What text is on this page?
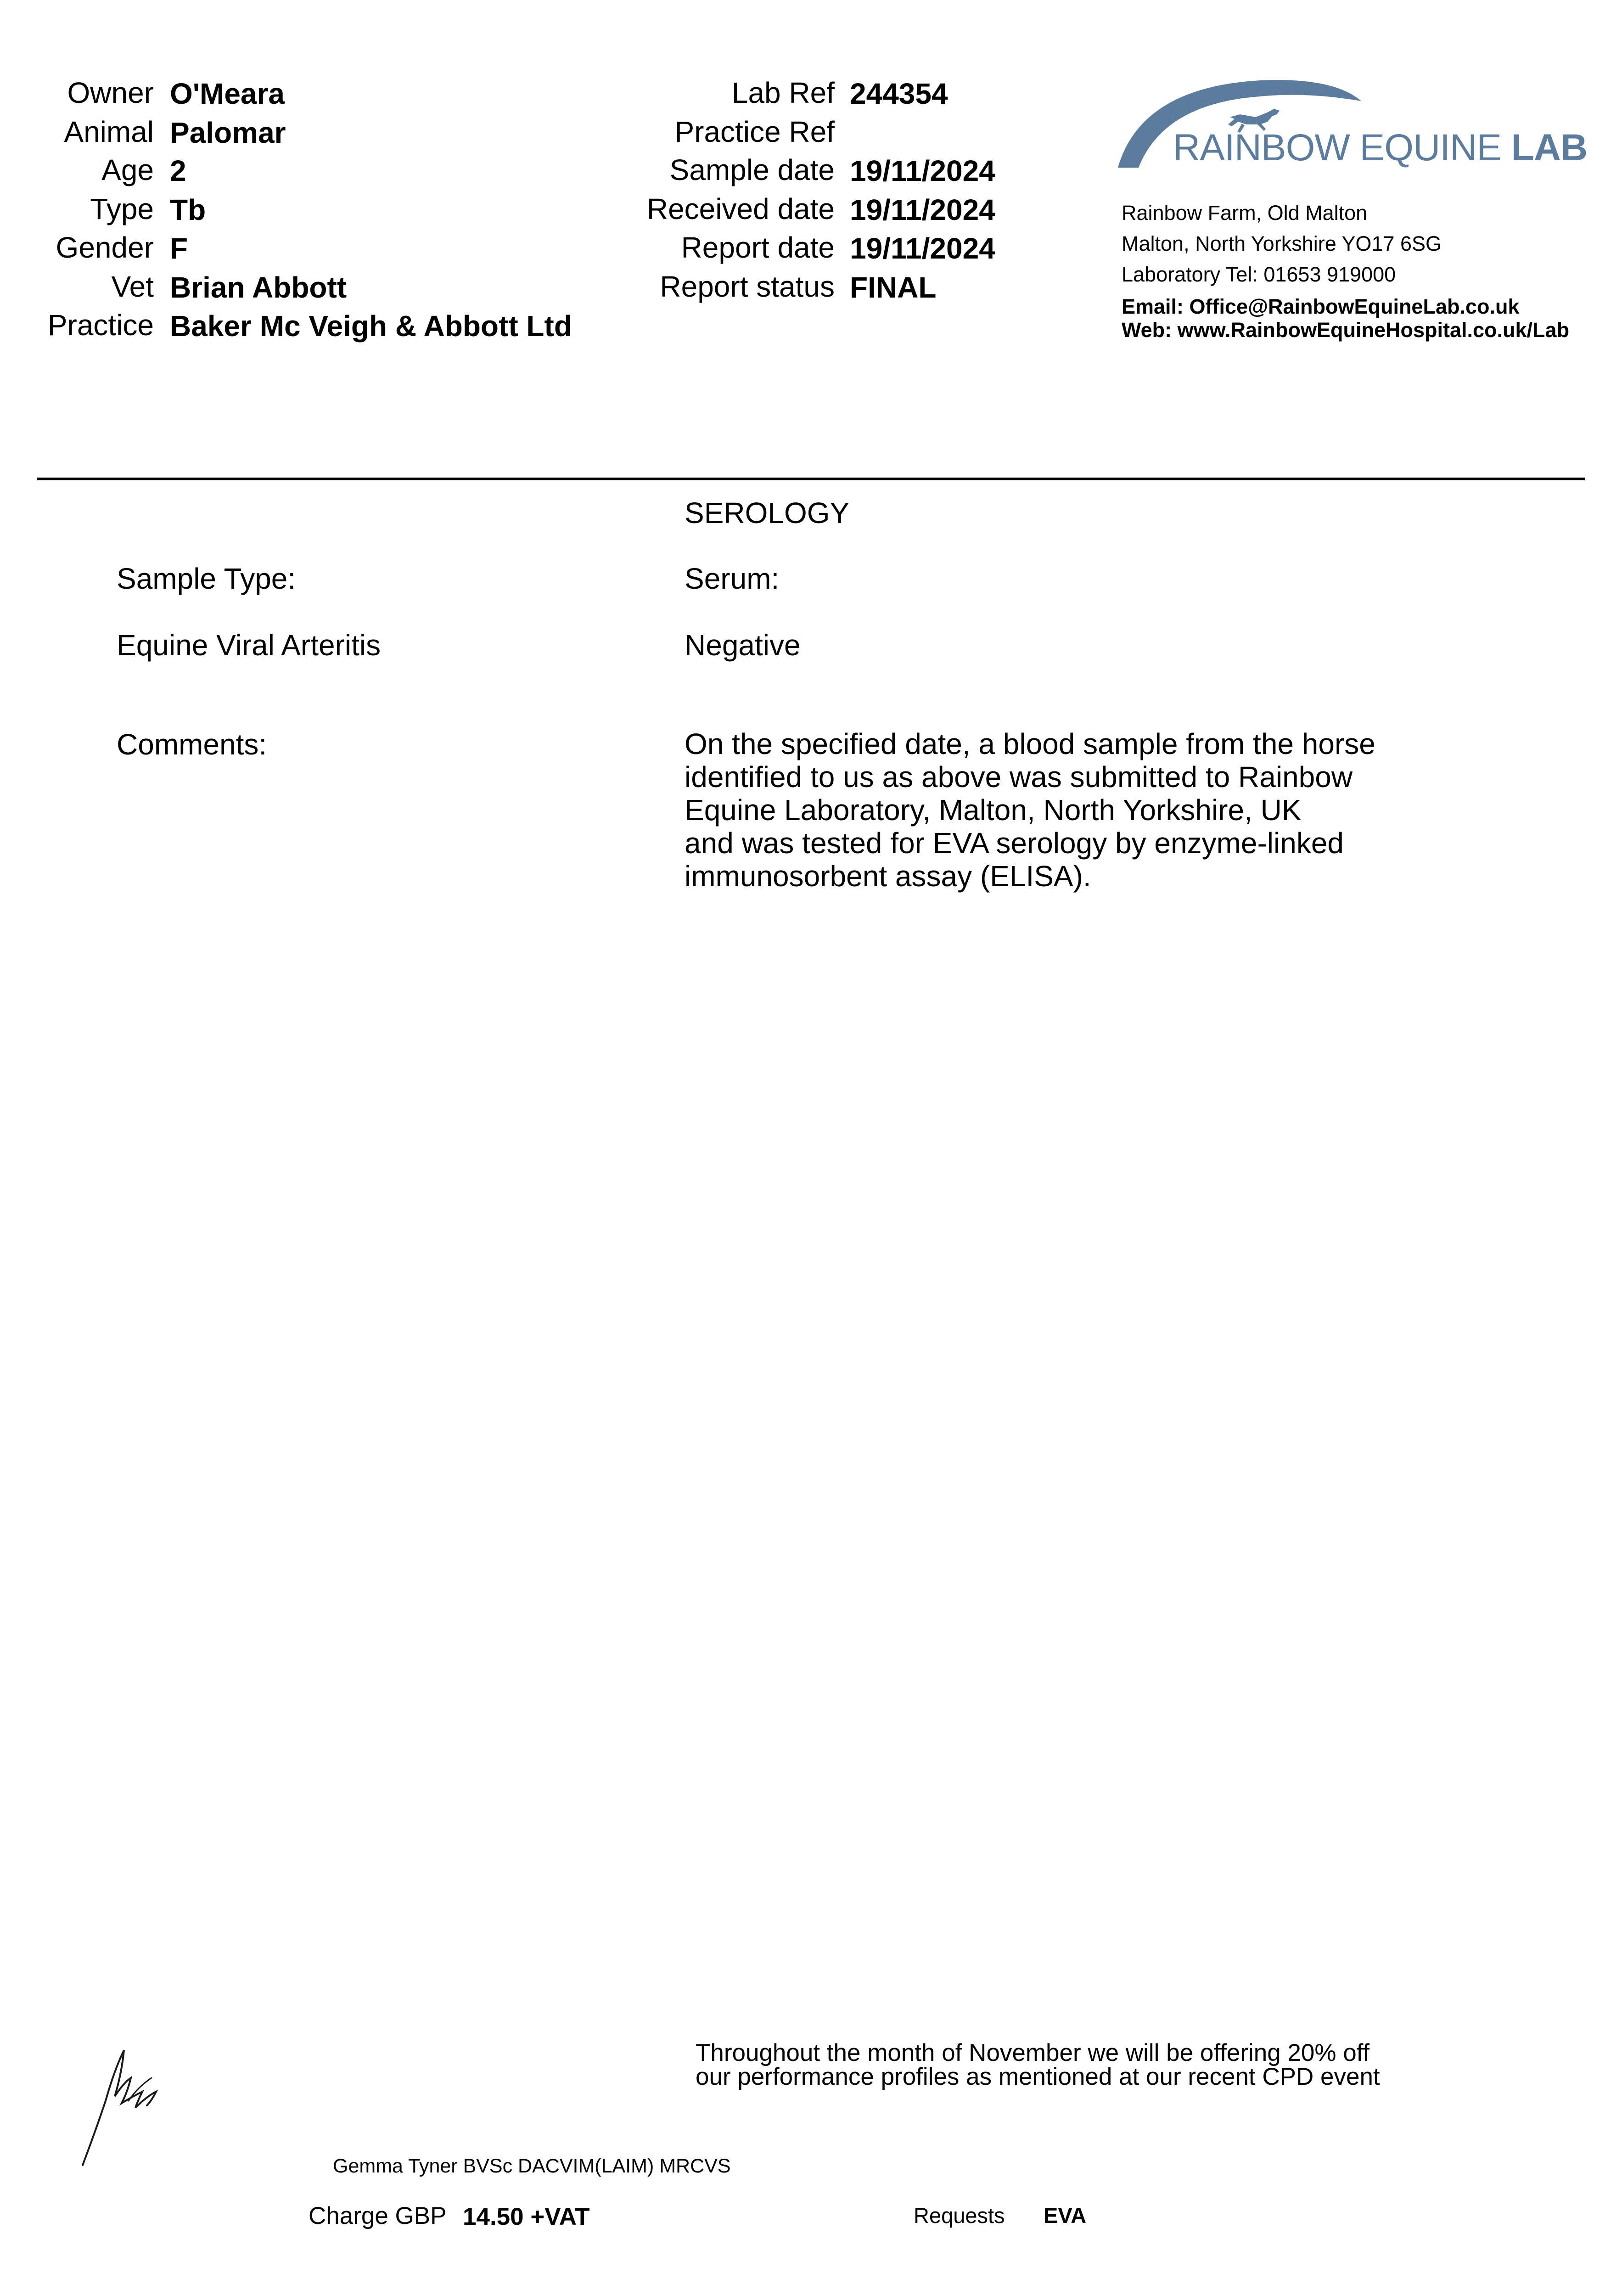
Owner O'Meara
Animal Palomar
Age 2
Type Tb
Gender F
Vet Brian Abbott
Practice Baker Mc Veigh & Abbott Ltd
Lab Ref 244354
Practice Ref
Sample date 19/11/2024
Received date 19/11/2024
Report date 19/11/2024
Report status FINAL
RAINBOW EQUINE LAB
Rainbow Farm, Old Malton
Malton, North Yorkshire YO17 6SG
Laboratory Tel: 01653 919000
Email: Office@RainbowEquineLab.co.uk
Web: www.RainbowEquineHospital.co.uk/Lab
SEROLOGY
Sample Type:	Serum:
Equine Viral Arteritis	Negative
Comments:	On the specified date, a blood sample from the horse
identified to us as above was submitted to Rainbow
Equine Laboratory, Malton, North Yorkshire, UK
and was tested for EVA serology by enzyme-linked
immunosorbent assay (ELISA).
Throughout the month of November we will be offering 20% off
our performance profiles as mentioned at our recent CPD event
Gemma Tyner BVSc DACVIM(LAIM) MRCVS
Charge GBP 14.50 +VAT	Requests EVA
